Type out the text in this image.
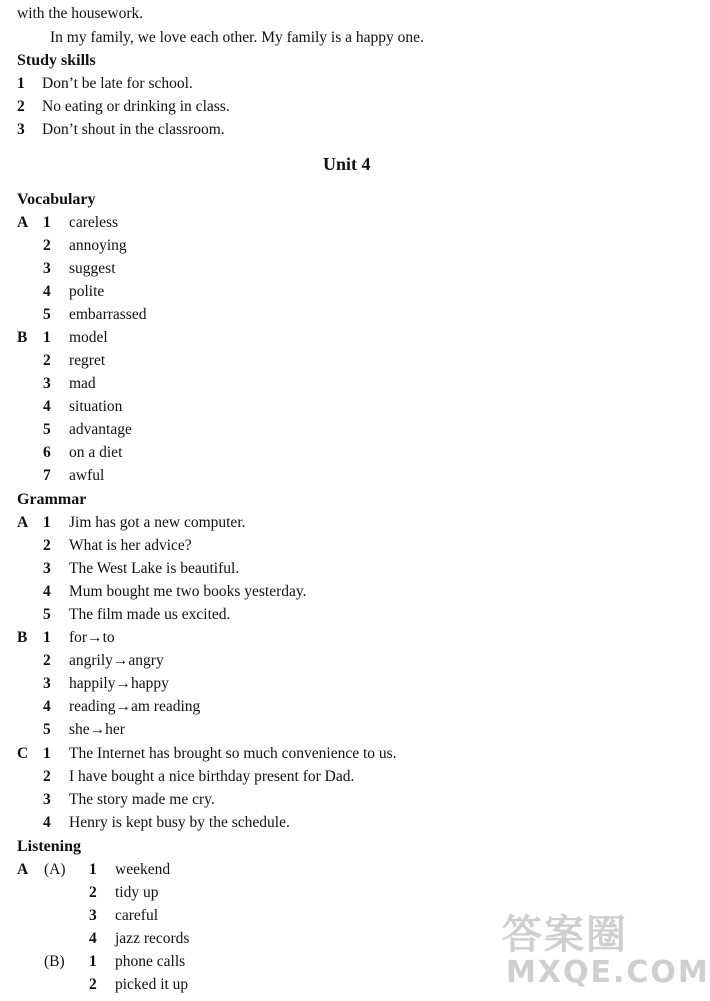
with the housework.
In my family, we love each other. My family is a happy one.
Study skills
1 Don’t be late for school.
2 No eating or drinking in class.
3 Don’t shout in the classroom.
Unit 4
Vocabulary
A 1 careless
2 annoying
3 suggest
4 polite
5 embarrassed
B 1 model
2 regret
3 mad
4 situation
5 advantage
6 on a diet
7 awful
Grammar
A 1 Jim has got a new computer.
2 What is her advice?
3 The West Lake is beautiful.
4 Mum bought me two books yesterday.
5 The film made us excited.
B 1 for→to
2 angrily→angry
3 happily→happy
4 reading→am reading
5 she→her
C 1 The Internet has brought so much convenience to us.
2 I have bought a nice birthday present for Dad.
3 The story made me cry.
4 Henry is kept busy by the schedule.
Listening
A (A) 1 weekend
2 tidy up
3 careful
4 jazz records
(B) 1 phone calls
2 picked it up
答案圈
MXQE.COM
